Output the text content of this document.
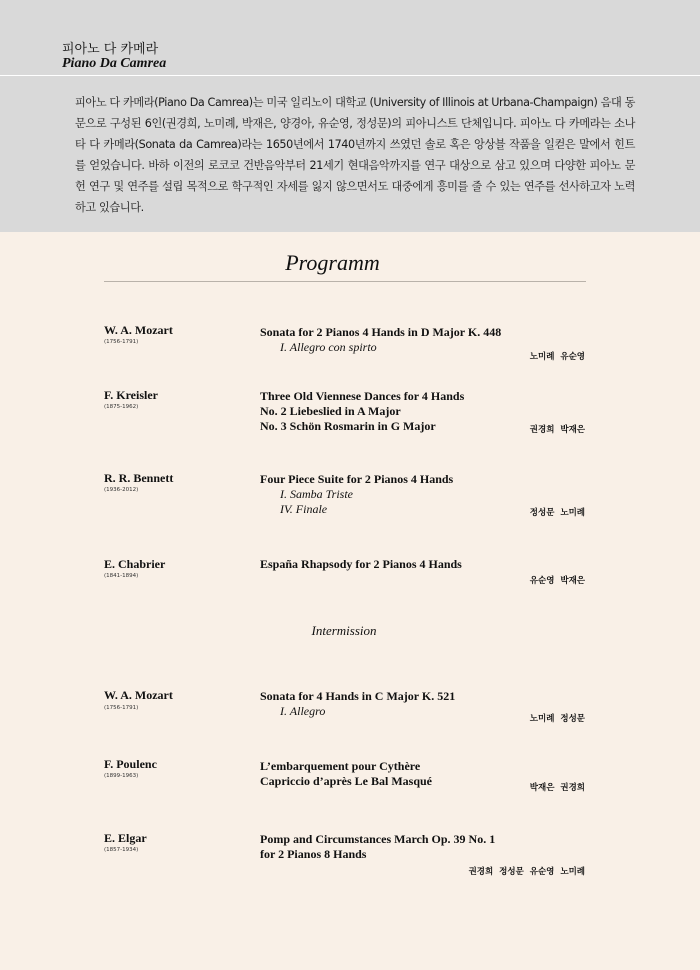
피아노 다 카메라
Piano Da Camrea
피아노 다 카메라(Piano Da Camrea)는 미국 일리노이 대학교 (University of Illinois at Urbana-Champaign) 음대 동문으로 구성된 6인(권경희, 노미례, 박재은, 양경아, 유순영, 정성문)의 피아니스트 단체입니다. 피아노 다 카메라는 소나타 다 카메라(Sonata da Camrea)라는 1650년에서 1740년까지 쓰였던 솔로 혹은 앙상블 작품을 일컫은 말에서 힌트를 얻었습니다. 바하 이전의 로코코 건반음악부터 21세기 현대음악까지를 연구 대상으로 삼고 있으며 다양한 피아노 문헌 연구 및 연주를 설립 목적으로 학구적인 자세를 잃지 않으면서도 대중에게 흥미를 줄 수 있는 연주를 선사하고자 노력하고 있습니다.
Programm
W. A. Mozart
(1756-1791)
Sonata for 2 Pianos 4 Hands in D Major K. 448
I. Allegro con spirto
노미례 유순영
F. Kreisler
(1875-1962)
Three Old Viennese Dances for 4 Hands
No. 2 Liebeslied in A Major
No. 3 Schön Rosmarin in G Major	권경희 박재은
R. R. Bennett
(1936-2012)
Four Piece Suite for 2 Pianos 4 Hands
I. Samba Triste
IV. Finale	정성문 노미례
E. Chabrier
(1841-1894)
España Rhapsody for 2 Pianos 4 Hands
유순영 박재은
Intermission
W. A. Mozart
(1756-1791)
Sonata for 4 Hands in C Major K. 521
I. Allegro
노미례 정성문
F. Poulenc
(1899-1963)
L’embarquement pour Cythère
Capriccio d’après Le Bal Masqué	박재은 권경희
E. Elgar
(1857-1934)
Pomp and Circumstances March Op. 39 No. 1
for 2 Pianos 8 Hands
권경희 정성문 유순영 노미례
